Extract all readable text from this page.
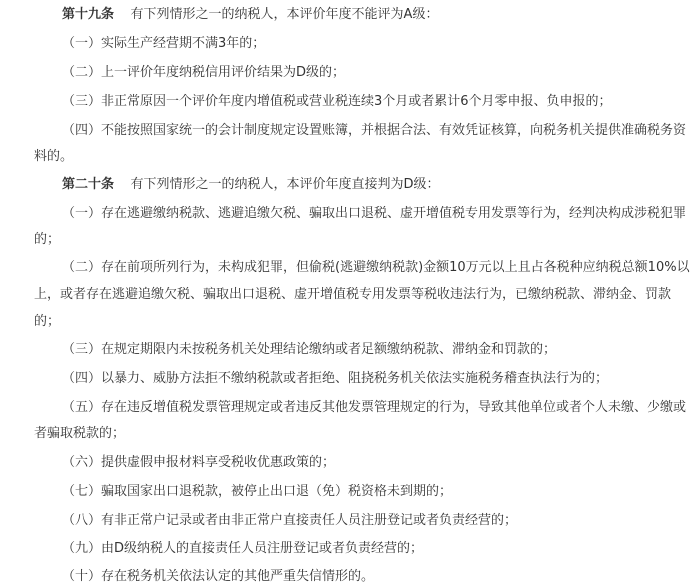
第十九条 有下列情形之一的纳税人，本评价年度不能评为A级：
（一）实际生产经营期不满3年的；
（二）上一评价年度纳税信用评价结果为D级的；
（三）非正常原因一个评价年度内增值税或营业税连续3个月或者累计6个月零申报、负申报的；
（四）不能按照国家统一的会计制度规定设置账簿，并根据合法、有效凭证核算，向税务机关提供准确税务资
料的。
第二十条 有下列情形之一的纳税人，本评价年度直接判为D级：
（一）存在逃避缴纳税款、逃避追缴欠税、骗取出口退税、虚开增值税专用发票等行为，经判决构成涉税犯罪
的；
（二）存在前项所列行为，未构成犯罪，但偷税(逃避缴纳税款)金额10万元以上且占各税种应纳税总额10%以
上，或者存在逃避追缴欠税、骗取出口退税、虚开增值税专用发票等税收违法行为，已缴纳税款、滞纳金、罚款
的；
（三）在规定期限内未按税务机关处理结论缴纳或者足额缴纳税款、滞纳金和罚款的；
（四）以暴力、威胁方法拒不缴纳税款或者拒绝、阻挠税务机关依法实施税务稽查执法行为的；
（五）存在违反增值税发票管理规定或者违反其他发票管理规定的行为，导致其他单位或者个人未缴、少缴或
者骗取税款的；
（六）提供虚假申报材料享受税收优惠政策的；
（七）骗取国家出口退税款，被停止出口退（免）税资格未到期的；
（八）有非正常户记录或者由非正常户直接责任人员注册登记或者负责经营的；
（九）由D级纳税人的直接责任人员注册登记或者负责经营的；
（十）存在税务机关依法认定的其他严重失信情形的。
